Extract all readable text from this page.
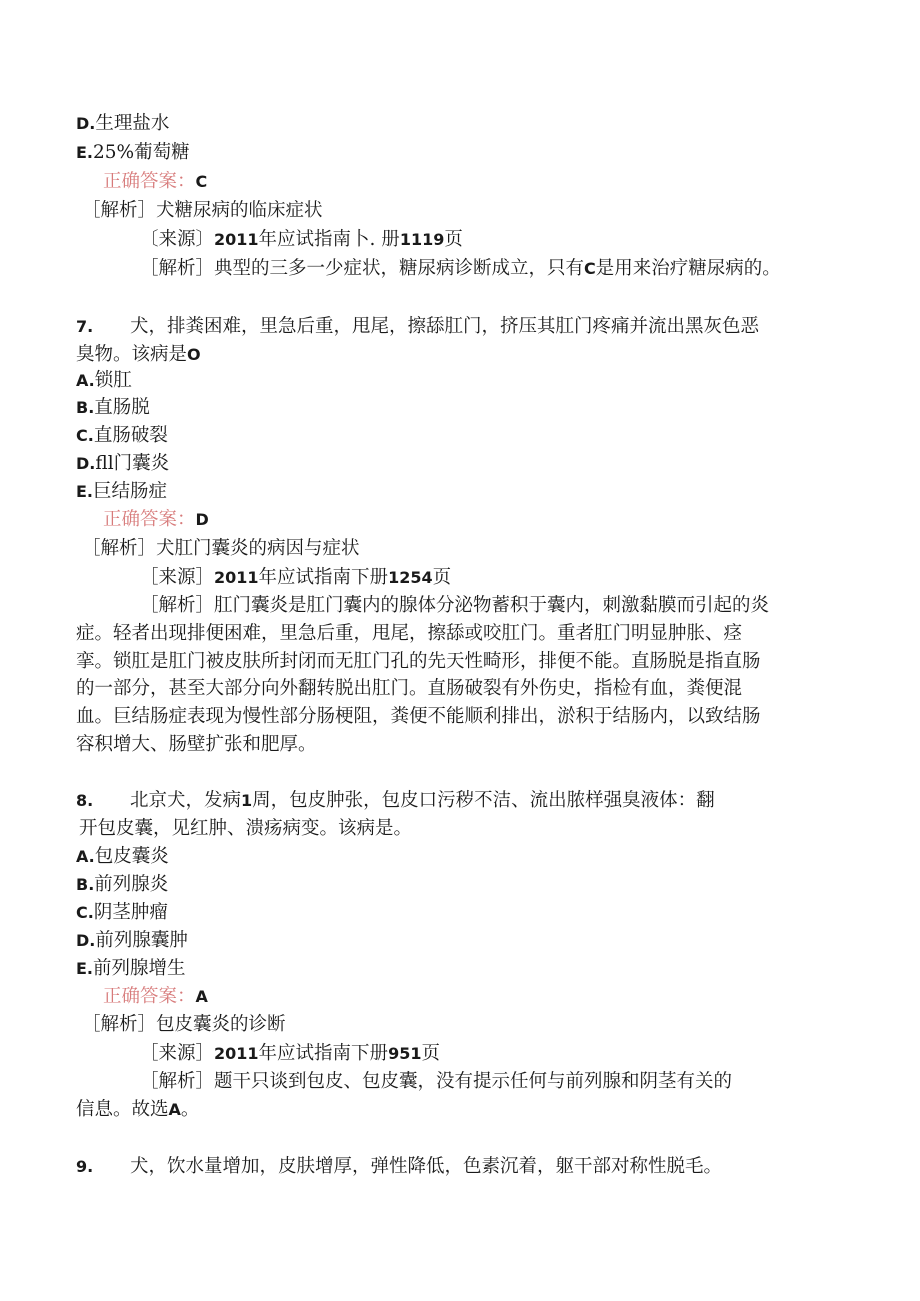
D.生理盐水
E.25%葡萄糖
正确答案：C
［解析］犬糖尿病的临床症状
〔来源〕2011年应试指南卜. 册1119页
［解析］典型的三多一少症状，糖尿病诊断成立，只有C是用来治疗糖尿病的。
7. 犬，排粪困难，里急后重，甩尾，擦舔肛门，挤压其肛门疼痛并流出黑灰色恶
臭物。该病是O
A.锁肛
B.直肠脱
C.直肠破裂
D.fll门囊炎
E.巨结肠症
正确答案：D
［解析］犬肛门囊炎的病因与症状
［来源］2011年应试指南下册1254页
［解析］肛门囊炎是肛门囊内的腺体分泌物蓄积于囊内，刺激黏膜而引起的炎
症。轻者出现排便困难，里急后重，甩尾，擦舔或咬肛门。重者肛门明显肿胀、痉
挛。锁肛是肛门被皮肤所封闭而无肛门孔的先天性畸形，排便不能。直肠脱是指直肠
的一部分，甚至大部分向外翻转脱出肛门。直肠破裂有外伤史，指检有血，粪便混
血。巨结肠症表现为慢性部分肠梗阻，粪便不能顺利排出，淤积于结肠内，以致结肠
容积增大、肠壁扩张和肥厚。
8. 北京犬，发病1周，包皮肿张，包皮口污秽不洁、流出脓样强臭液体：翻
开包皮囊，见红肿、溃疡病变。该病是。
A.包皮囊炎
B.前列腺炎
C.阴茎肿瘤
D.前列腺囊肿
E.前列腺增生
正确答案：A
［解析］包皮囊炎的诊断
［来源］2011年应试指南下册951页
［解析］题干只谈到包皮、包皮囊，没有提示任何与前列腺和阴茎有关的
信息。故选A。
9. 犬，饮水量增加，皮肤增厚，弹性降低，色素沉着，躯干部对称性脱毛。
